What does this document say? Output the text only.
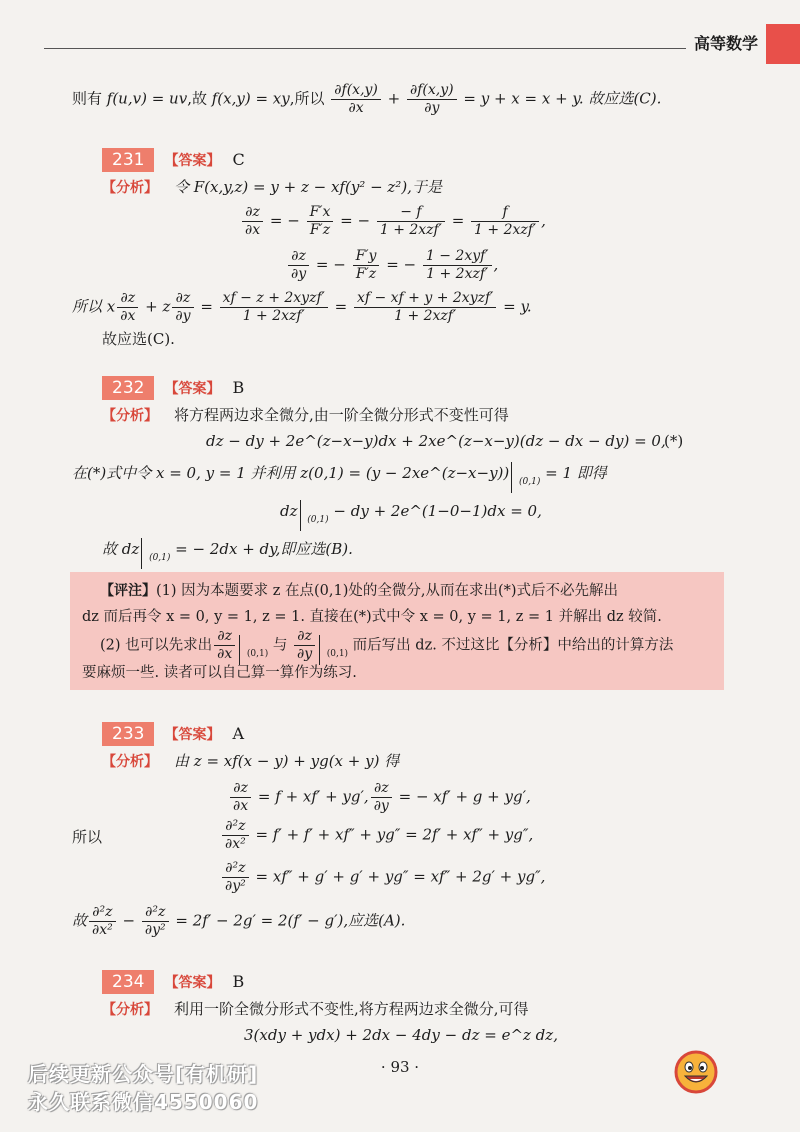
高等数学
则有 f(u,v) = uv,故 f(x,y) = xy,所以 $\frac{\partial f(x,y)}{\partial x} + \frac{\partial f(x,y)}{\partial y} = y + x = x + y$. 故应选(C).
231 【答案】 C
【分析】 令 F(x,y,z) = y + z − xf(y² − z²),于是
$\frac{\partial z}{\partial x}$ = − $\frac{F'x}{F'z}$ = − $\frac{- f}{\text{1 + 2xzf′}} = \frac{f}{\text{1 + 2xzf′}}$ ,
$\frac{\partial z}{\partial y}$ = − $\frac{F'y}{F'z}$ = − $\frac{\text{1 − 2xyf′}}{\text{1 + 2xzf′}}$ ,
所以 x $\frac{\partial z}{\partial x} + z \frac{\partial z}{\partial y} = \frac{\text{xf − z + 2xyzf′}}{\text{1 + 2xzf′}} = \frac{\text{xf − xf + y + 2xyzf′}}{\text{1 + 2xzf′}} = y$.
故应选(C).
232 【答案】 B
【分析】 将方程两边求全微分,由一阶全微分形式不变性可得
dz − dy + 2e^(z−x−y)dx + 2xe^(z−x−y)(dz − dx − dy) = 0,
(*)
在(*)式中令 x = 0, y = 1 并利用 z(0,1) = (y − 2xe^(z−x−y)) $_{(0,1)}$ = 1 即得
dz $_{(0,1)}$ − dy + 2e^(1−0−1)dx = 0,
故 dz $_{(0,1)}$ = − 2dx + dy,即应选(B).
【评注】(1) 因为本题要求 z 在点(0,1)处的全微分,从而在求出(*)式后不必先解出
dz 而后再令 x = 0, y = 1, z = 1. 直接在(*)式中令 x = 0, y = 1, z = 1 并解出 dz 较简.
(2) 也可以先求出 $\frac{\partial z}{\partial x} _{(0,1)}$ 与 $\frac{\partial z}{\partial y} _{(0,1)}$ 而后写出 dz. 不过这比【分析】中给出的计算方法
要麻烦一些. 读者可以自己算一算作为练习.
233 【答案】 A
【分析】 由 z = xf(x − y) + yg(x + y) 得
$\frac{\partial z}{\partial x} = f + xf' + yg'$, $\frac{\partial z}{\partial y}$ = − xf′ + g + yg′,
所以	$\frac{\text{∂²z}}{\text{∂x²}} = f' + f' + xf'' + yg'' = 2f' + xf'' + yg''$,
$\frac{\text{∂²z}}{\text{∂y²}} = xf'' + g' + g' + yg'' = xf'' + 2g' + yg''$,
故 $\frac{\text{∂²z}}{\text{∂x²}} - \frac{\text{∂²z}}{\text{∂y²}} = 2f' - 2g' = 2(f' - g')$,应选(A).
234 【答案】 B
【分析】 利用一阶全微分形式不变性,将方程两边求全微分,可得
3(xdy + ydx) + 2dx − 4dy − dz = e^z dz,
· 93 ·
后续更新公众号[有机研]
永久联系微信4550060
